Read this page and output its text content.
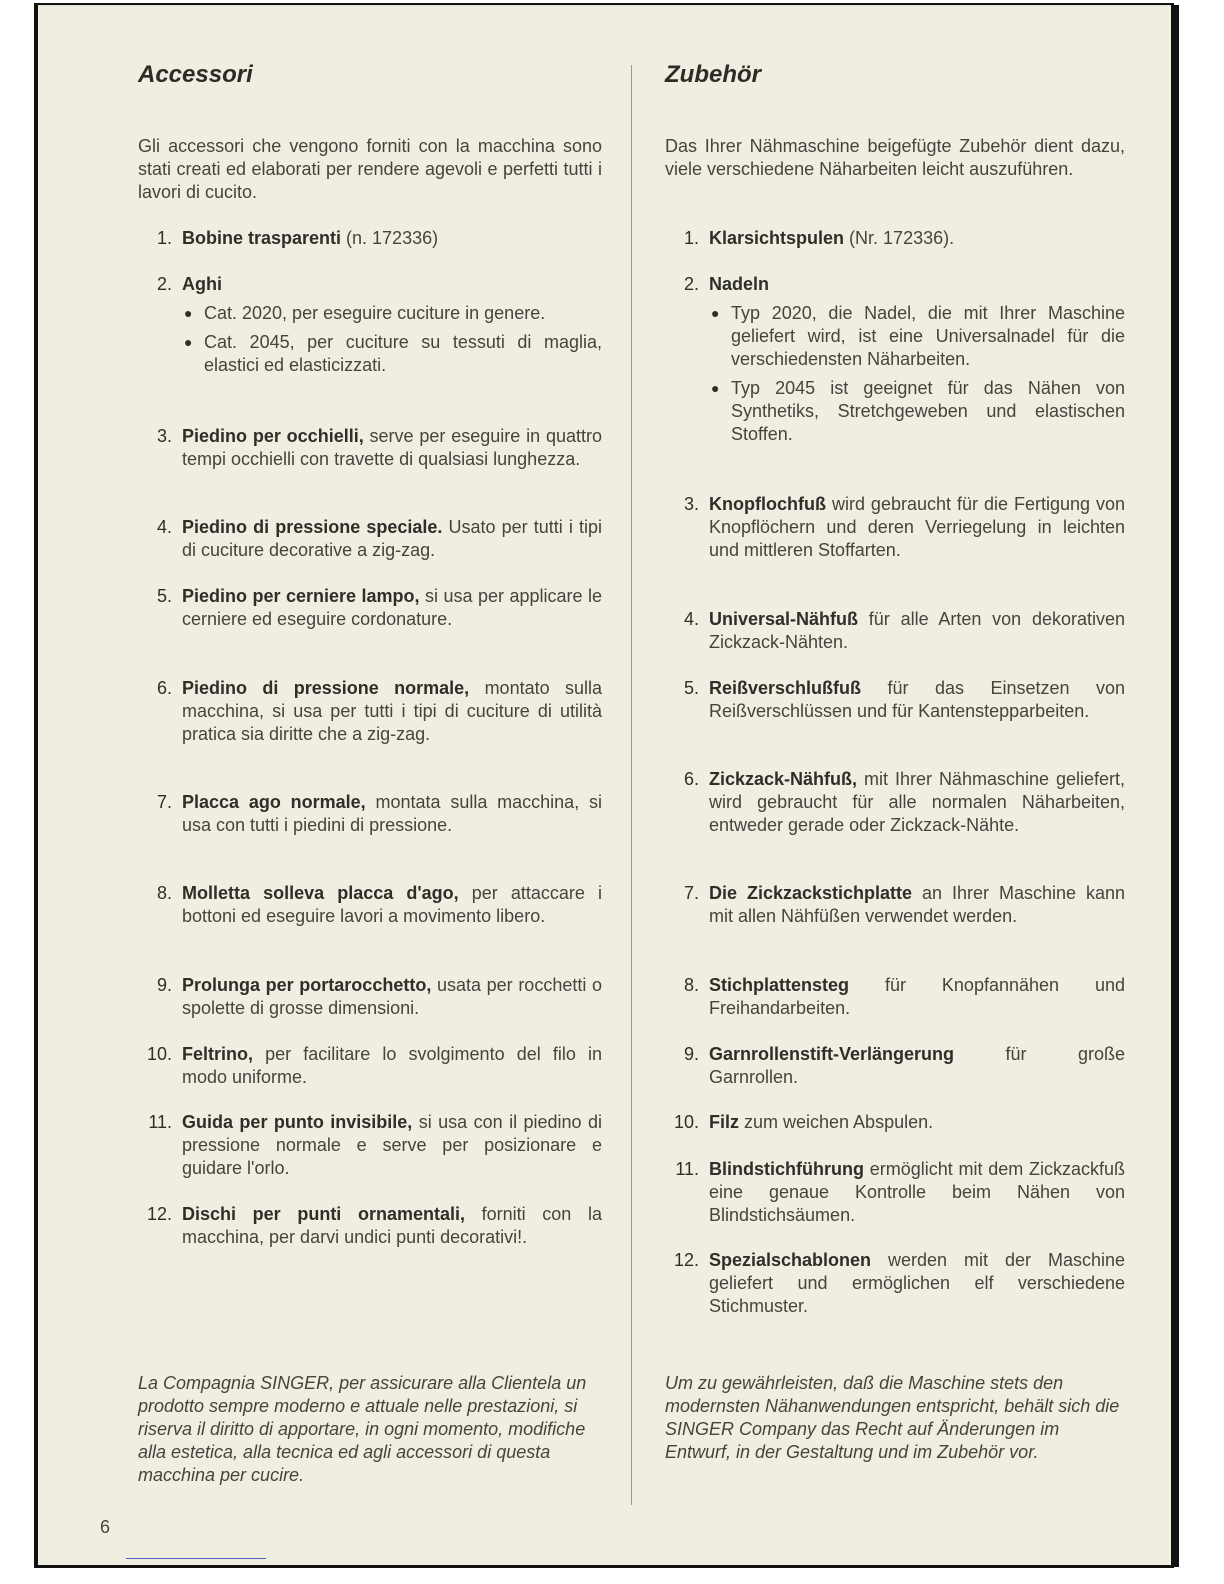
Accessori

Gli accessori che vengono forniti con la macchina sono stati creati ed elaborati per rendere agevoli e perfetti tutti i lavori di cucito.

1. Bobine trasparenti (n. 172336)
2. Aghi
● Cat. 2020, per eseguire cuciture in genere.
● Cat. 2045, per cuciture su tessuti di maglia, elastici ed elasticizzati.
3. Piedino per occhielli, serve per eseguire in quattro tempi occhielli con travette di qualsiasi lunghezza.
4. Piedino di pressione speciale. Usato per tutti i tipi di cuciture decorative a zig-zag.
5. Piedino per cerniere lampo, si usa per applicare le cerniere ed eseguire cordonature.
6. Piedino di pressione normale, montato sulla macchina, si usa per tutti i tipi di cuciture di utilità pratica sia diritte che a zig-zag.
7. Placca ago normale, montata sulla macchina, si usa con tutti i piedini di pressione.
8. Molletta solleva placca d'ago, per attaccare i bottoni ed eseguire lavori a movimento libero.
9. Prolunga per portarocchetto, usata per rocchetti o spolette di grosse dimensioni.
10. Feltrino, per facilitare lo svolgimento del filo in modo uniforme.
11. Guida per punto invisibile, si usa con il piedino di pressione normale e serve per posizionare e guidare l'orlo.
12. Dischi per punti ornamentali, forniti con la macchina, per darvi undici punti decorativi!.

La Compagnia SINGER, per assicurare alla Clientela un prodotto sempre moderno e attuale nelle prestazioni, si riserva il diritto di apportare, in ogni momento, modifiche alla estetica, alla tecnica ed agli accessori di questa macchina per cucire.

Zubehör

Das Ihrer Nähmaschine beigefügte Zubehör dient dazu, viele verschiedene Näharbeiten leicht auszuführen.

1. Klarsichtspulen (Nr. 172336).
2. Nadeln
● Typ 2020, die Nadel, die mit Ihrer Maschine geliefert wird, ist eine Universalnadel für die verschiedensten Näharbeiten.
● Typ 2045 ist geeignet für das Nähen von Synthetiks, Stretchgeweben und elastischen Stoffen.
3. Knopflochfuß wird gebraucht für die Fertigung von Knopflöchern und deren Verriegelung in leichten und mittleren Stoffarten.
4. Universal-Nähfuß für alle Arten von dekorativen Zickzack-Nähten.
5. Reißverschlußfuß für das Einsetzen von Reißverschlüssen und für Kantenstepparbeiten.
6. Zickzack-Nähfuß, mit Ihrer Nähmaschine geliefert, wird gebraucht für alle normalen Näharbeiten, entweder gerade oder Zickzack-Nähte.
7. Die Zickzackstichplatte an Ihrer Maschine kann mit allen Nähfüßen verwendet werden.
8. Stichplattensteg für Knopfannähen und Freihandarbeiten.
9. Garnrollenstift-Verlängerung für große Garnrollen.
10. Filz zum weichen Abspulen.
11. Blindstichführung ermöglicht mit dem Zickzackfuß eine genaue Kontrolle beim Nähen von Blindstichsäumen.
12. Spezialschablonen werden mit der Maschine geliefert und ermöglichen elf verschiedene Stichmuster.

Um zu gewährleisten, daß die Maschine stets den modernsten Nähanwendungen entspricht, behält sich die SINGER Company das Recht auf Änderungen im Entwurf, in der Gestaltung und im Zubehör vor.

6
